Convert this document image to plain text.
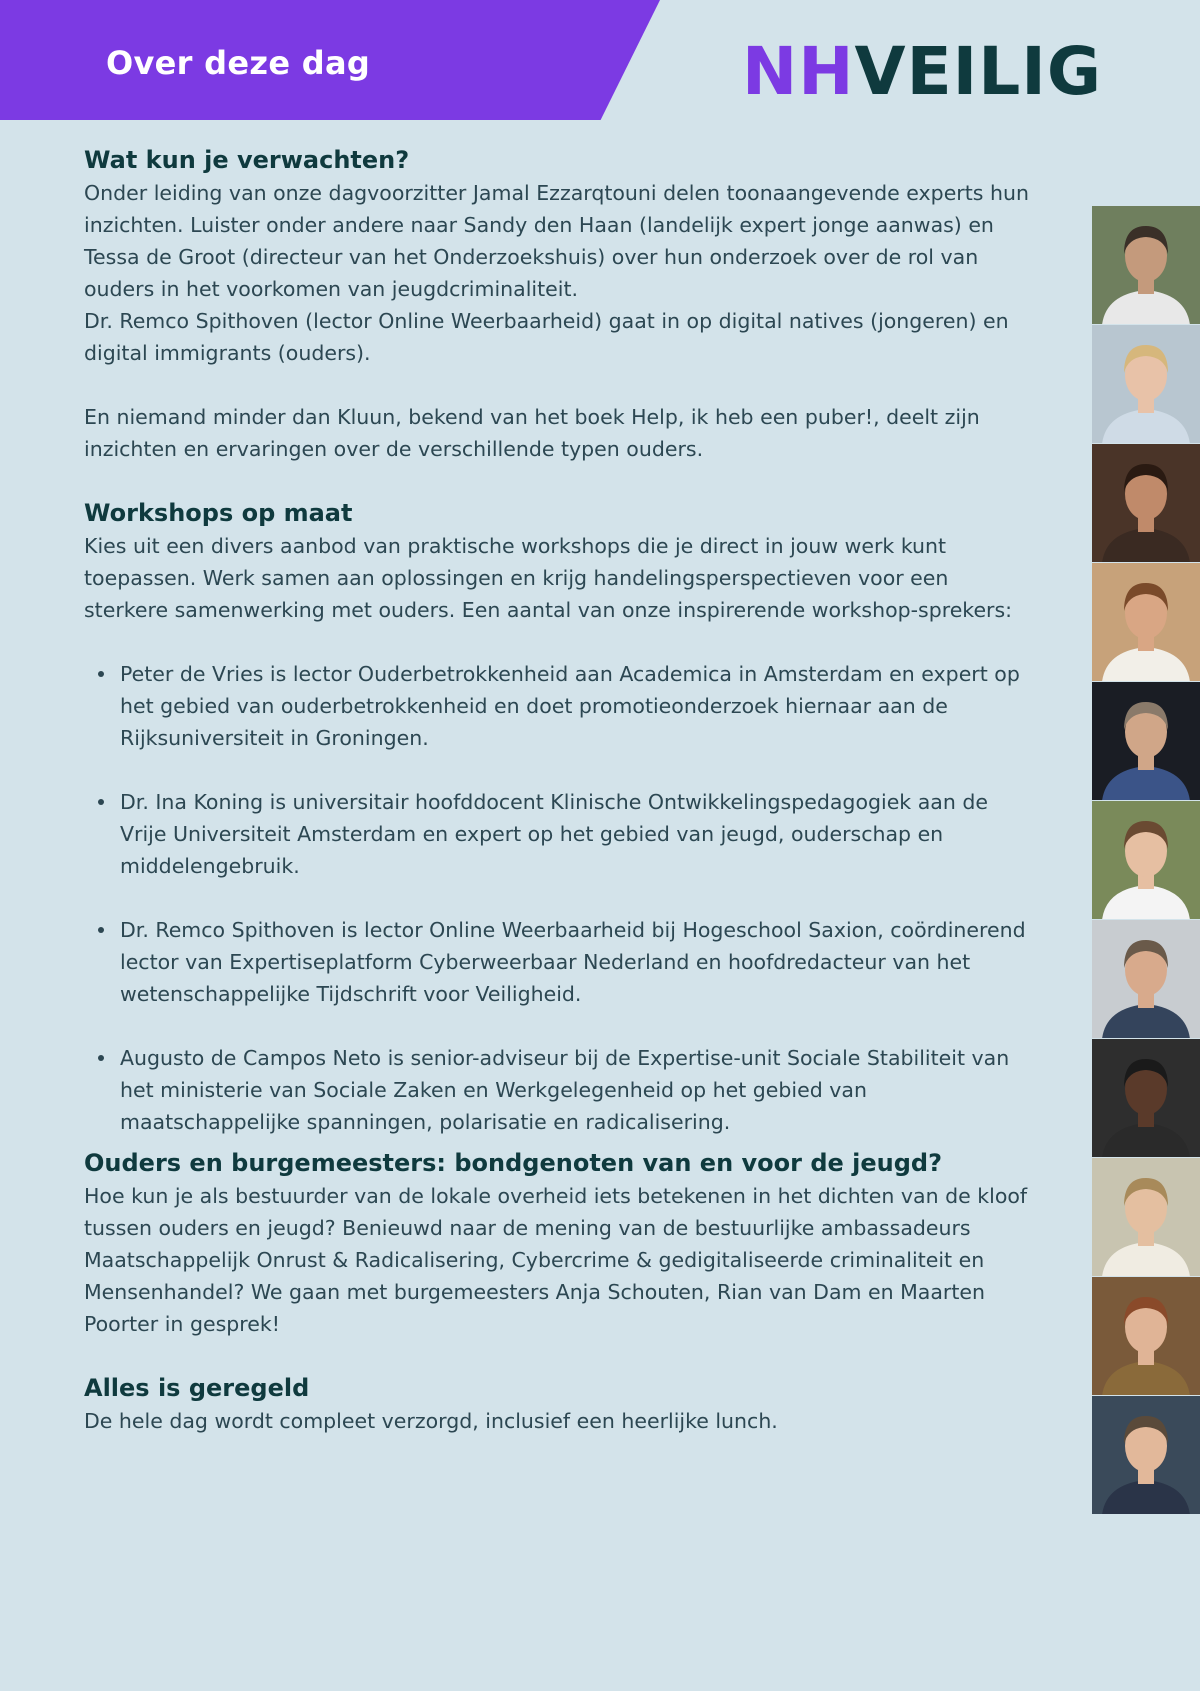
Over deze dag	NHVEILIG
Wat kun je verwachten?

Onder leiding van onze dagvoorzitter Jamal Ezzarqtouni delen toonaangevende experts hun inzichten. Luister onder andere naar Sandy den Haan (landelijk expert jonge aanwas) en Tessa de Groot (directeur van het Onderzoekshuis) over hun onderzoek over de rol van ouders in het voorkomen van jeugdcriminaliteit.

Dr. Remco Spithoven (lector Online Weerbaarheid) gaat in op digital natives (jongeren) en digital immigrants (ouders).

En niemand minder dan Kluun, bekend van het boek Help, ik heb een puber!, deelt zijn inzichten en ervaringen over de verschillende typen ouders.

Workshops op maat

Kies uit een divers aanbod van praktische workshops die je direct in jouw werk kunt toepassen. Werk samen aan oplossingen en krijg handelingsperspectieven voor een sterkere samenwerking met ouders. Een aantal van onze inspirerende workshop-sprekers:

Peter de Vries is lector Ouderbetrokkenheid aan Academica in Amsterdam en expert op het gebied van ouderbetrokkenheid en doet promotieonderzoek hiernaar aan de Rijksuniversiteit in Groningen.
Dr. Ina Koning is universitair hoofddocent Klinische Ontwikkelingspedagogiek aan de Vrije Universiteit Amsterdam en expert op het gebied van jeugd, ouderschap en middelengebruik.
Dr. Remco Spithoven is lector Online Weerbaarheid bij Hogeschool Saxion, coördinerend lector van Expertiseplatform Cyberweerbaar Nederland en hoofdredacteur van het wetenschappelijke Tijdschrift voor Veiligheid.
Augusto de Campos Neto is senior-adviseur bij de Expertise-unit Sociale Stabiliteit van het ministerie van Sociale Zaken en Werkgelegenheid op het gebied van maatschappelijke spanningen, polarisatie en radicalisering.
Ouders en burgemeesters: bondgenoten van en voor de jeugd?

Hoe kun je als bestuurder van de lokale overheid iets betekenen in het dichten van de kloof tussen ouders en jeugd? Benieuwd naar de mening van de bestuurlijke ambassadeurs Maatschappelijk Onrust & Radicalisering, Cybercrime & gedigitaliseerde criminaliteit en Mensenhandel? We gaan met burgemeesters Anja Schouten, Rian van Dam en Maarten Poorter in gesprek!

Alles is geregeld

De hele dag wordt compleet verzorgd, inclusief een heerlijke lunch.
